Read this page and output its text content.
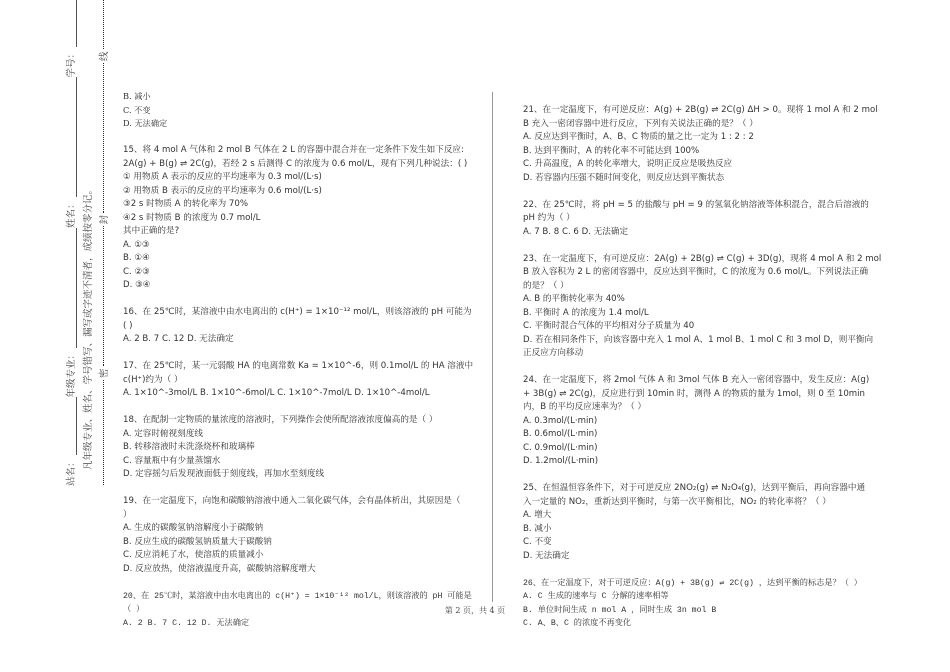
站名：
年级专业：
姓名：
学号：
凡年级专业、姓名、学号错写、漏写或字迹不清者，成绩按零分记。 密
封
线
B. 减小
C. 不变
D. 无法确定
15、将 4 mol A 气体和 2 mol B 气体在 2 L 的容器中混合并在一定条件下发生如下反应:
2A(g) + B(g) ⇌ 2C(g)，若经 2 s 后测得 C 的浓度为 0.6 mol/L，现有下列几种说法：( )
① 用物质 A 表示的反应的平均速率为 0.3 mol/(L·s)
② 用物质 B 表示的反应的平均速率为 0.6 mol/(L·s)
③2 s 时物质 A 的转化率为 70%
④2 s 时物质 B 的浓度为 0.7 mol/L
其中正确的是?
A. ①③
B. ①④
C. ②③
D. ③④
16、在 25℃时，某溶液中由水电离出的 c(H⁺) = 1×10⁻¹² mol/L，则该溶液的 pH 可能为
( )
A. 2 B. 7 C. 12 D. 无法确定
17、在 25℃时，某一元弱酸 HA 的电离常数 Ka = 1×10^-6，则 0.1mol/L 的 HA 溶液中
c(H⁺)约为（ ）
A. 1×10^-3mol/L B. 1×10^-6mol/L C. 1×10^-7mol/L D. 1×10^-4mol/L
18、在配制一定物质的量浓度的溶液时，下列操作会使所配溶液浓度偏高的是（ ）
A. 定容时俯视刻度线
B. 转移溶液时未洗涤烧杯和玻璃棒
C. 容量瓶中有少量蒸馏水
D. 定容摇匀后发现液面低于刻度线，再加水至刻度线
19、在一定温度下，向饱和碳酸钠溶液中通入二氧化碳气体，会有晶体析出，其原因是（
）
A. 生成的碳酸氢钠溶解度小于碳酸钠
B. 反应生成的碳酸氢钠质量大于碳酸钠
C. 反应消耗了水，使溶质的质量减小
D. 反应放热，使溶液温度升高，碳酸钠溶解度增大
20、在 25℃时，某溶液中由水电离出的 c(H⁺) = 1×10⁻¹² mol/L，则该溶液的 pH 可能是
（ ）
A. 2 B. 7 C. 12 D. 无法确定
21、在一定温度下，有可逆反应：A(g) + 2B(g) ⇌ 2C(g) ΔH > 0。现将 1 mol A 和 2 mol
B 充入一密闭容器中进行反应，下列有关说法正确的是？（ ）
A. 反应达到平衡时，A、B、C 物质的量之比一定为 1 : 2 : 2
B. 达到平衡时，A 的转化率不可能达到 100%
C. 升高温度，A 的转化率增大，说明正反应是吸热反应
D. 若容器内压强不随时间变化，则反应达到平衡状态
22、在 25℃时，将 pH = 5 的盐酸与 pH = 9 的氢氧化钠溶液等体积混合，混合后溶液的
pH 约为（ ）
A. 7 B. 8 C. 6 D. 无法确定
23、在一定温度下，有可逆反应：2A(g) + 2B(g) ⇌ C(g) + 3D(g)，现将 4 mol A 和 2 mol
B 放入容积为 2 L 的密闭容器中，反应达到平衡时，C 的浓度为 0.6 mol/L。下列说法正确
的是？（ ）
A. B 的平衡转化率为 40%
B. 平衡时 A 的浓度为 1.4 mol/L
C. 平衡时混合气体的平均相对分子质量为 40
D. 若在相同条件下，向该容器中充入 1 mol A、1 mol B、1 mol C 和 3 mol D，则平衡向
正反应方向移动
24、在一定温度下，将 2mol 气体 A 和 3mol 气体 B 充入一密闭容器中，发生反应：A(g)
+ 3B(g) ⇌ 2C(g)，反应进行到 10min 时，测得 A 的物质的量为 1mol，则 0 至 10min
内，B 的平均反应速率为？（ ）
A. 0.3mol/(L·min)
B. 0.6mol/(L·min)
C. 0.9mol/(L·min)
D. 1.2mol/(L·min)
25、在恒温恒容条件下，对于可逆反应 2NO₂(g) ⇌ N₂O₄(g)，达到平衡后，再向容器中通
入一定量的 NO₂，重新达到平衡时，与第一次平衡相比，NO₂ 的转化率将？（ ）
A. 增大
B. 减小
C. 不变
D. 无法确定
26、在一定温度下，对于可逆反应：A(g) + 3B(g) ⇌ 2C(g) ，达到平衡的标志是？（ ）
A. C 生成的速率与 C 分解的速率相等
B. 单位时间生成 n mol A ，同时生成 3n mol B
C. A、B、C 的浓度不再变化
第 2 页，共 4 页
